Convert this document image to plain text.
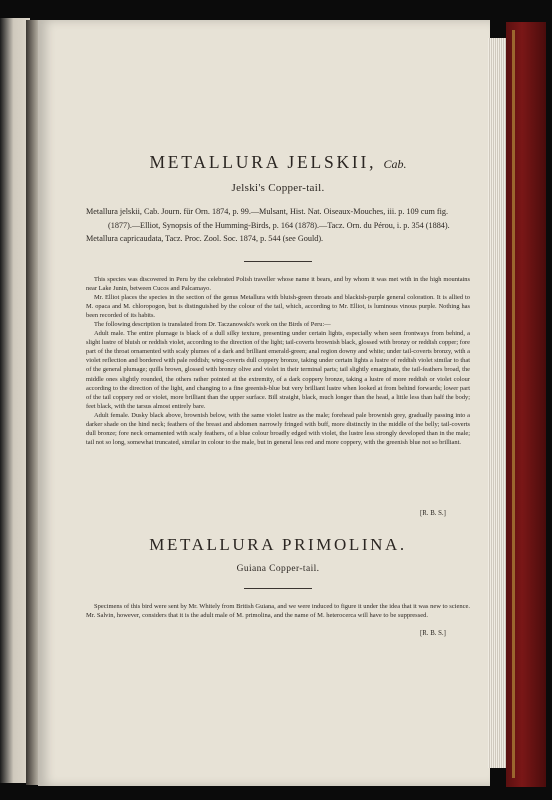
METALLURA JELSKII, Cab.
Jelski's Copper-tail.

Metallura jelskii, Cab. Journ. für Orn. 1874, p. 99.—Mulsant, Hist. Nat. Oiseaux-Mouches, iii. p. 109 cum fig. (1877).—Elliot, Synopsis of the Humming-Birds, p. 164 (1878).—Tacz. Orn. du Pérou, i. p. 354 (1884).

Metallura capricaudata, Tacz. Proc. Zool. Soc. 1874, p. 544 (see Gould).

This species was discovered in Peru by the celebrated Polish traveller whose name it bears, and by whom it was met with in the high mountains near Lake Junin, between Cucos and Palcamayo.

Mr. Elliot places the species in the section of the genus Metallura with bluish-green throats and blackish-purple general coloration. It is allied to M. opaca and M. chloropogon, but is distinguished by the colour of the tail, which, according to Mr. Elliot, is luminous vinous purple. Nothing has been recorded of its habits.

The following description is translated from Dr. Taczanowski's work on the Birds of Peru:—

Adult male. The entire plumage is black of a dull silky texture, presenting under certain lights, especially when seen frontways from behind, a slight lustre of bluish or reddish violet, according to the direction of the light; tail-coverts brownish black, glossed with bronzy or reddish copper; fore part of the throat ornamented with scaly plumes of a dark and brilliant emerald-green; anal region downy and white; under tail-coverts bronzy, with a violet reflection and bordered with pale reddish; wing-coverts dull coppery bronze, taking under certain lights a lustre of reddish violet similar to that of the general plumage; quills brown, glossed with bronzy olive and violet in their terminal parts; tail slightly emarginate, the tail-feathers broad, the middle ones slightly rounded, the others rather pointed at the extremity, of a dark coppery bronze, taking a lustre of more reddish or violet colour according to the direction of the light, and changing to a fine greenish-blue but very brilliant lustre when looked at from behind forwards; lower part of the tail coppery red or violet, more brilliant than the upper surface. Bill straight, black, much longer than the head, a little less than half the body; feet black, with the tarsus almost entirely bare.

Adult female. Dusky black above, brownish below, with the same violet lustre as the male; forehead pale brownish grey, gradually passing into a darker shade on the hind neck; feathers of the breast and abdomen narrowly fringed with buff, more distinctly in the middle of the belly; tail-coverts dull bronze; fore neck ornamented with scaly feathers, of a blue colour broadly edged with violet, the lustre less strongly developed than in the male; tail not so long, somewhat truncated, similar in colour to the male, but in general less red and more coppery, with the greenish blue not so brilliant.

[R. B. S.]
METALLURA PRIMOLINA.
Guiana Copper-tail.

Specimens of this bird were sent by Mr. Whitely from British Guiana, and we were induced to figure it under the idea that it was new to science. Mr. Salvin, however, considers that it is the adult male of M. primolina, and the name of M. heterocerca will have to be suppressed.

[R. B. S.]
